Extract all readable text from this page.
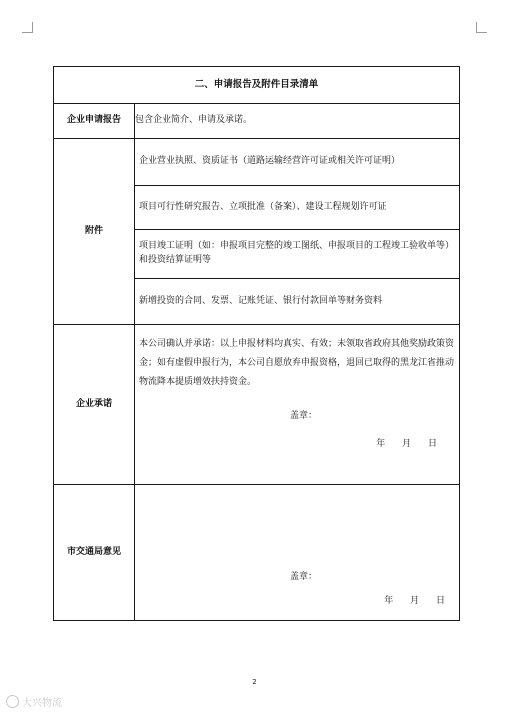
二、申请报告及附件目录清单	
企业申请报告	包含企业简介、申请及承诺。
附件	企业营业执照、资质证书（道路运输经营许可证或相关许可证明）
项目可行性研究报告、立项批准（备案）、建设工程规划许可证
项目竣工证明（如：申报项目完整的竣工图纸、申报项目的工程竣工验收单等）和投资结算证明等
新增投资的合同、发票、记账凭证、银行付款回单等财务资料

企业承诺	本公司确认并承诺：以上申报材料均真实、有效；未领取省政府其他奖励政策资金；如有虚假申报行为，本公司自愿放弃申报资格，退回已取得的黑龙江省推动物流降本提质增效扶持资金。
盖章：
年 月 日

市交通局意见	盖章：
年 月 日
2
大兴物流
